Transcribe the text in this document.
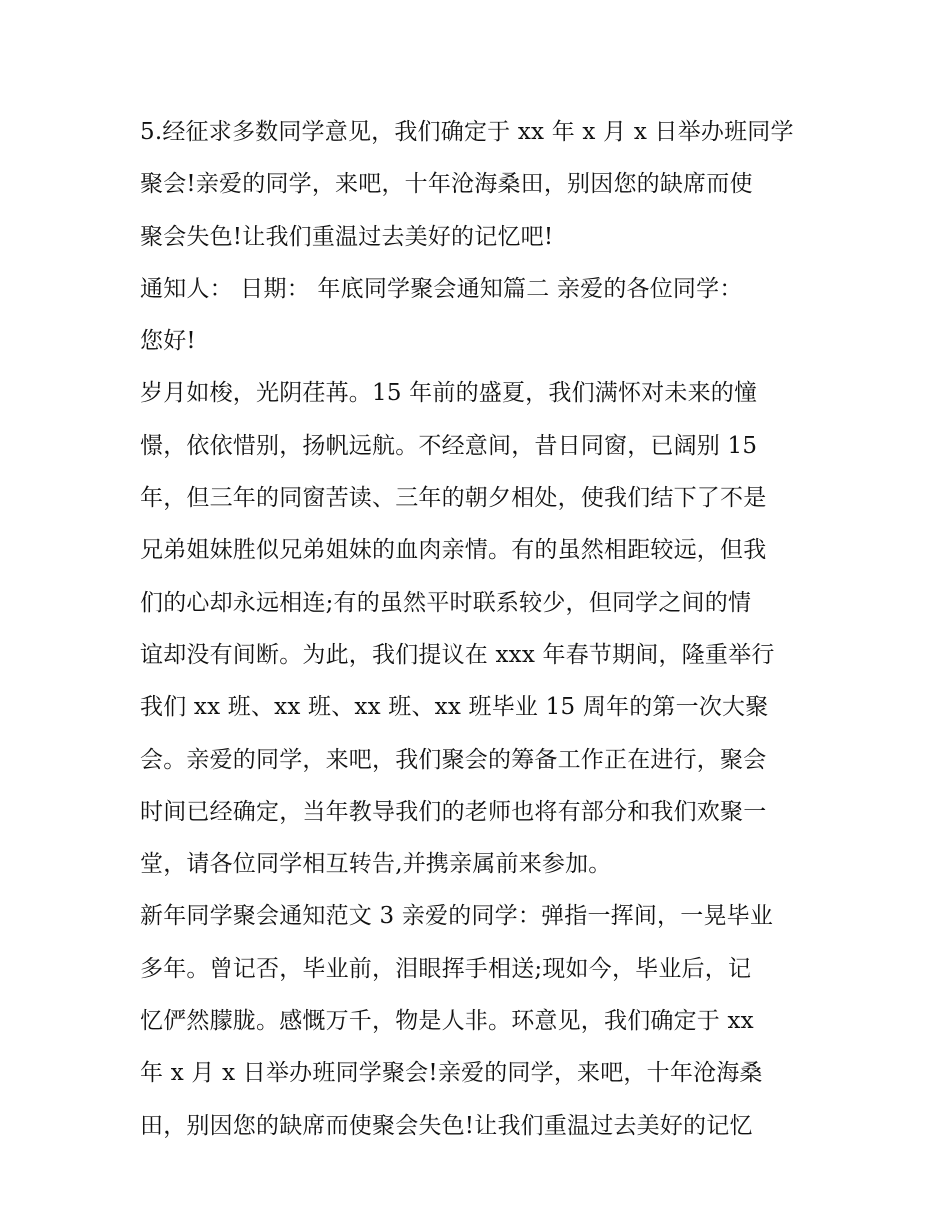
5.经征求多数同学意见，我们确定于 xx 年 x 月 x 日举办班同学
聚会!亲爱的同学，来吧，十年沧海桑田，别因您的缺席而使
聚会失色!让我们重温过去美好的记忆吧!
通知人： 日期： 年底同学聚会通知篇二 亲爱的各位同学：
您好!
岁月如梭，光阴荏苒。15 年前的盛夏，我们满怀对未来的憧
憬，依依惜别，扬帆远航。不经意间，昔日同窗，已阔别 15
年，但三年的同窗苦读、三年的朝夕相处，使我们结下了不是
兄弟姐妹胜似兄弟姐妹的血肉亲情。有的虽然相距较远，但我
们的心却永远相连;有的虽然平时联系较少，但同学之间的情
谊却没有间断。为此，我们提议在 xxx 年春节期间，隆重举行
我们 xx 班、xx 班、xx 班、xx 班毕业 15 周年的第一次大聚
会。亲爱的同学，来吧，我们聚会的筹备工作正在进行，聚会
时间已经确定，当年教导我们的老师也将有部分和我们欢聚一
堂，请各位同学相互转告,并携亲属前来参加。
新年同学聚会通知范文 3 亲爱的同学：弹指一挥间，一晃毕业
多年。曾记否，毕业前，泪眼挥手相送;现如今，毕业后，记
忆俨然朦胧。感慨万千，物是人非。环意见，我们确定于 xx
年 x 月 x 日举办班同学聚会!亲爱的同学，来吧，十年沧海桑
田，别因您的缺席而使聚会失色!让我们重温过去美好的记忆
